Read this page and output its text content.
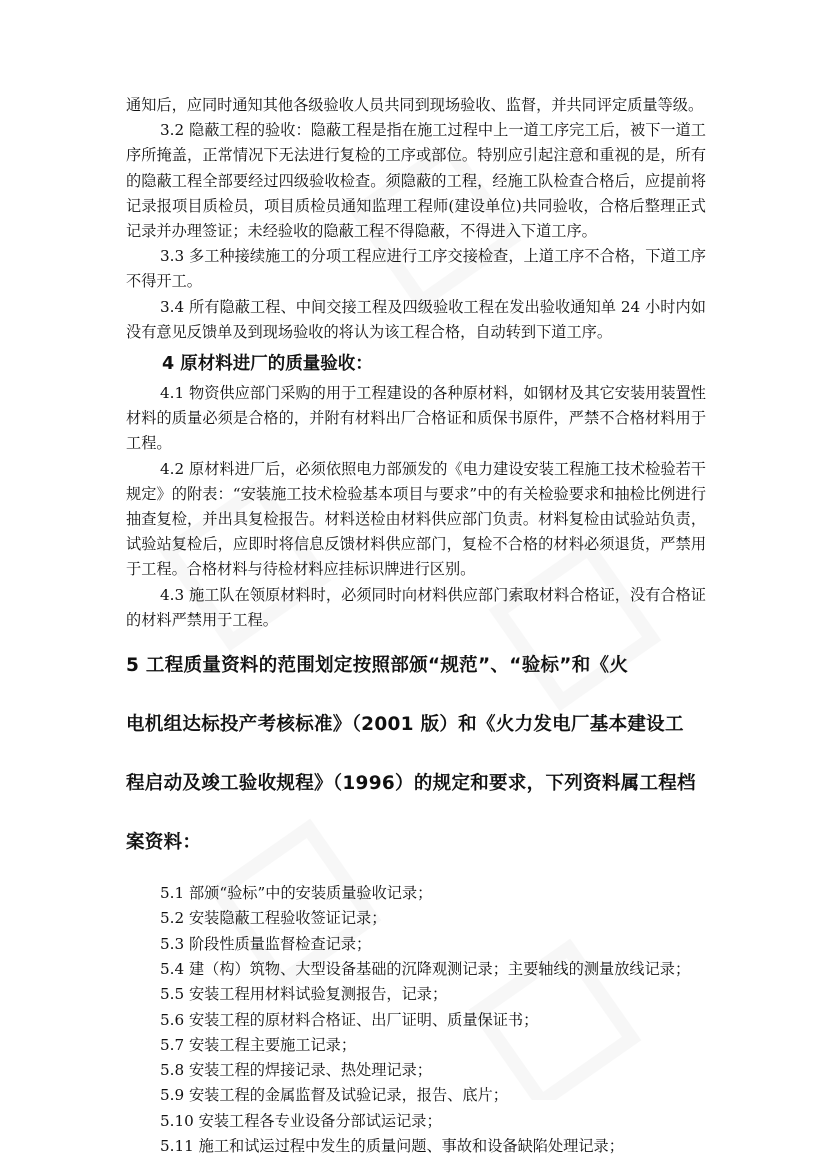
通知后，应同时通知其他各级验收人员共同到现场验收、监督，并共同评定质量等级。

3.2 隐蔽工程的验收：隐蔽工程是指在施工过程中上一道工序完工后，被下一道工序所掩盖，正常情况下无法进行复检的工序或部位。特别应引起注意和重视的是，所有的隐蔽工程全部要经过四级验收检查。须隐蔽的工程，经施工队检查合格后，应提前将记录报项目质检员，项目质检员通知监理工程师(建设单位)共同验收，合格后整理正式记录并办理签证；未经验收的隐蔽工程不得隐蔽，不得进入下道工序。

3.3 多工种接续施工的分项工程应进行工序交接检查，上道工序不合格，下道工序不得开工。

3.4 所有隐蔽工程、中间交接工程及四级验收工程在发出验收通知单 24 小时内如没有意见反馈单及到现场验收的将认为该工程合格，自动转到下道工序。

4 原材料进厂的质量验收：

4.1 物资供应部门采购的用于工程建设的各种原材料，如钢材及其它安装用装置性材料的质量必须是合格的，并附有材料出厂合格证和质保书原件，严禁不合格材料用于工程。

4.2 原材料进厂后，必须依照电力部颁发的《电力建设安装工程施工技术检验若干规定》的附表：“安装施工技术检验基本项目与要求”中的有关检验要求和抽检比例进行抽查复检，并出具复检报告。材料送检由材料供应部门负责。材料复检由试验站负责，试验站复检后，应即时将信息反馈材料供应部门，复检不合格的材料必须退货，严禁用于工程。合格材料与待检材料应挂标识牌进行区别。

4.3 施工队在领原材料时，必须同时向材料供应部门索取材料合格证，没有合格证的材料严禁用于工程。

5 工程质量资料的范围划定按照部颁“规范”、“验标”和《火
电机组达标投产考核标准》（2001 版）和《火力发电厂基本建设工
程启动及竣工验收规程》（1996）的规定和要求，下列资料属工程档
案资料：

5.1 部颁“验标”中的安装质量验收记录；

5.2 安装隐蔽工程验收签证记录；

5.3 阶段性质量监督检查记录；

5.4 建（构）筑物、大型设备基础的沉降观测记录；主要轴线的测量放线记录；

5.5 安装工程用材料试验复测报告，记录；

5.6 安装工程的原材料合格证、出厂证明、质量保证书；

5.7 安装工程主要施工记录；

5.8 安装工程的焊接记录、热处理记录；

5.9 安装工程的金属监督及试验记录，报告、底片；

5.10 安装工程各专业设备分部试运记录；

5.11 施工和试运过程中发生的质量问题、事故和设备缺陷处理记录；
